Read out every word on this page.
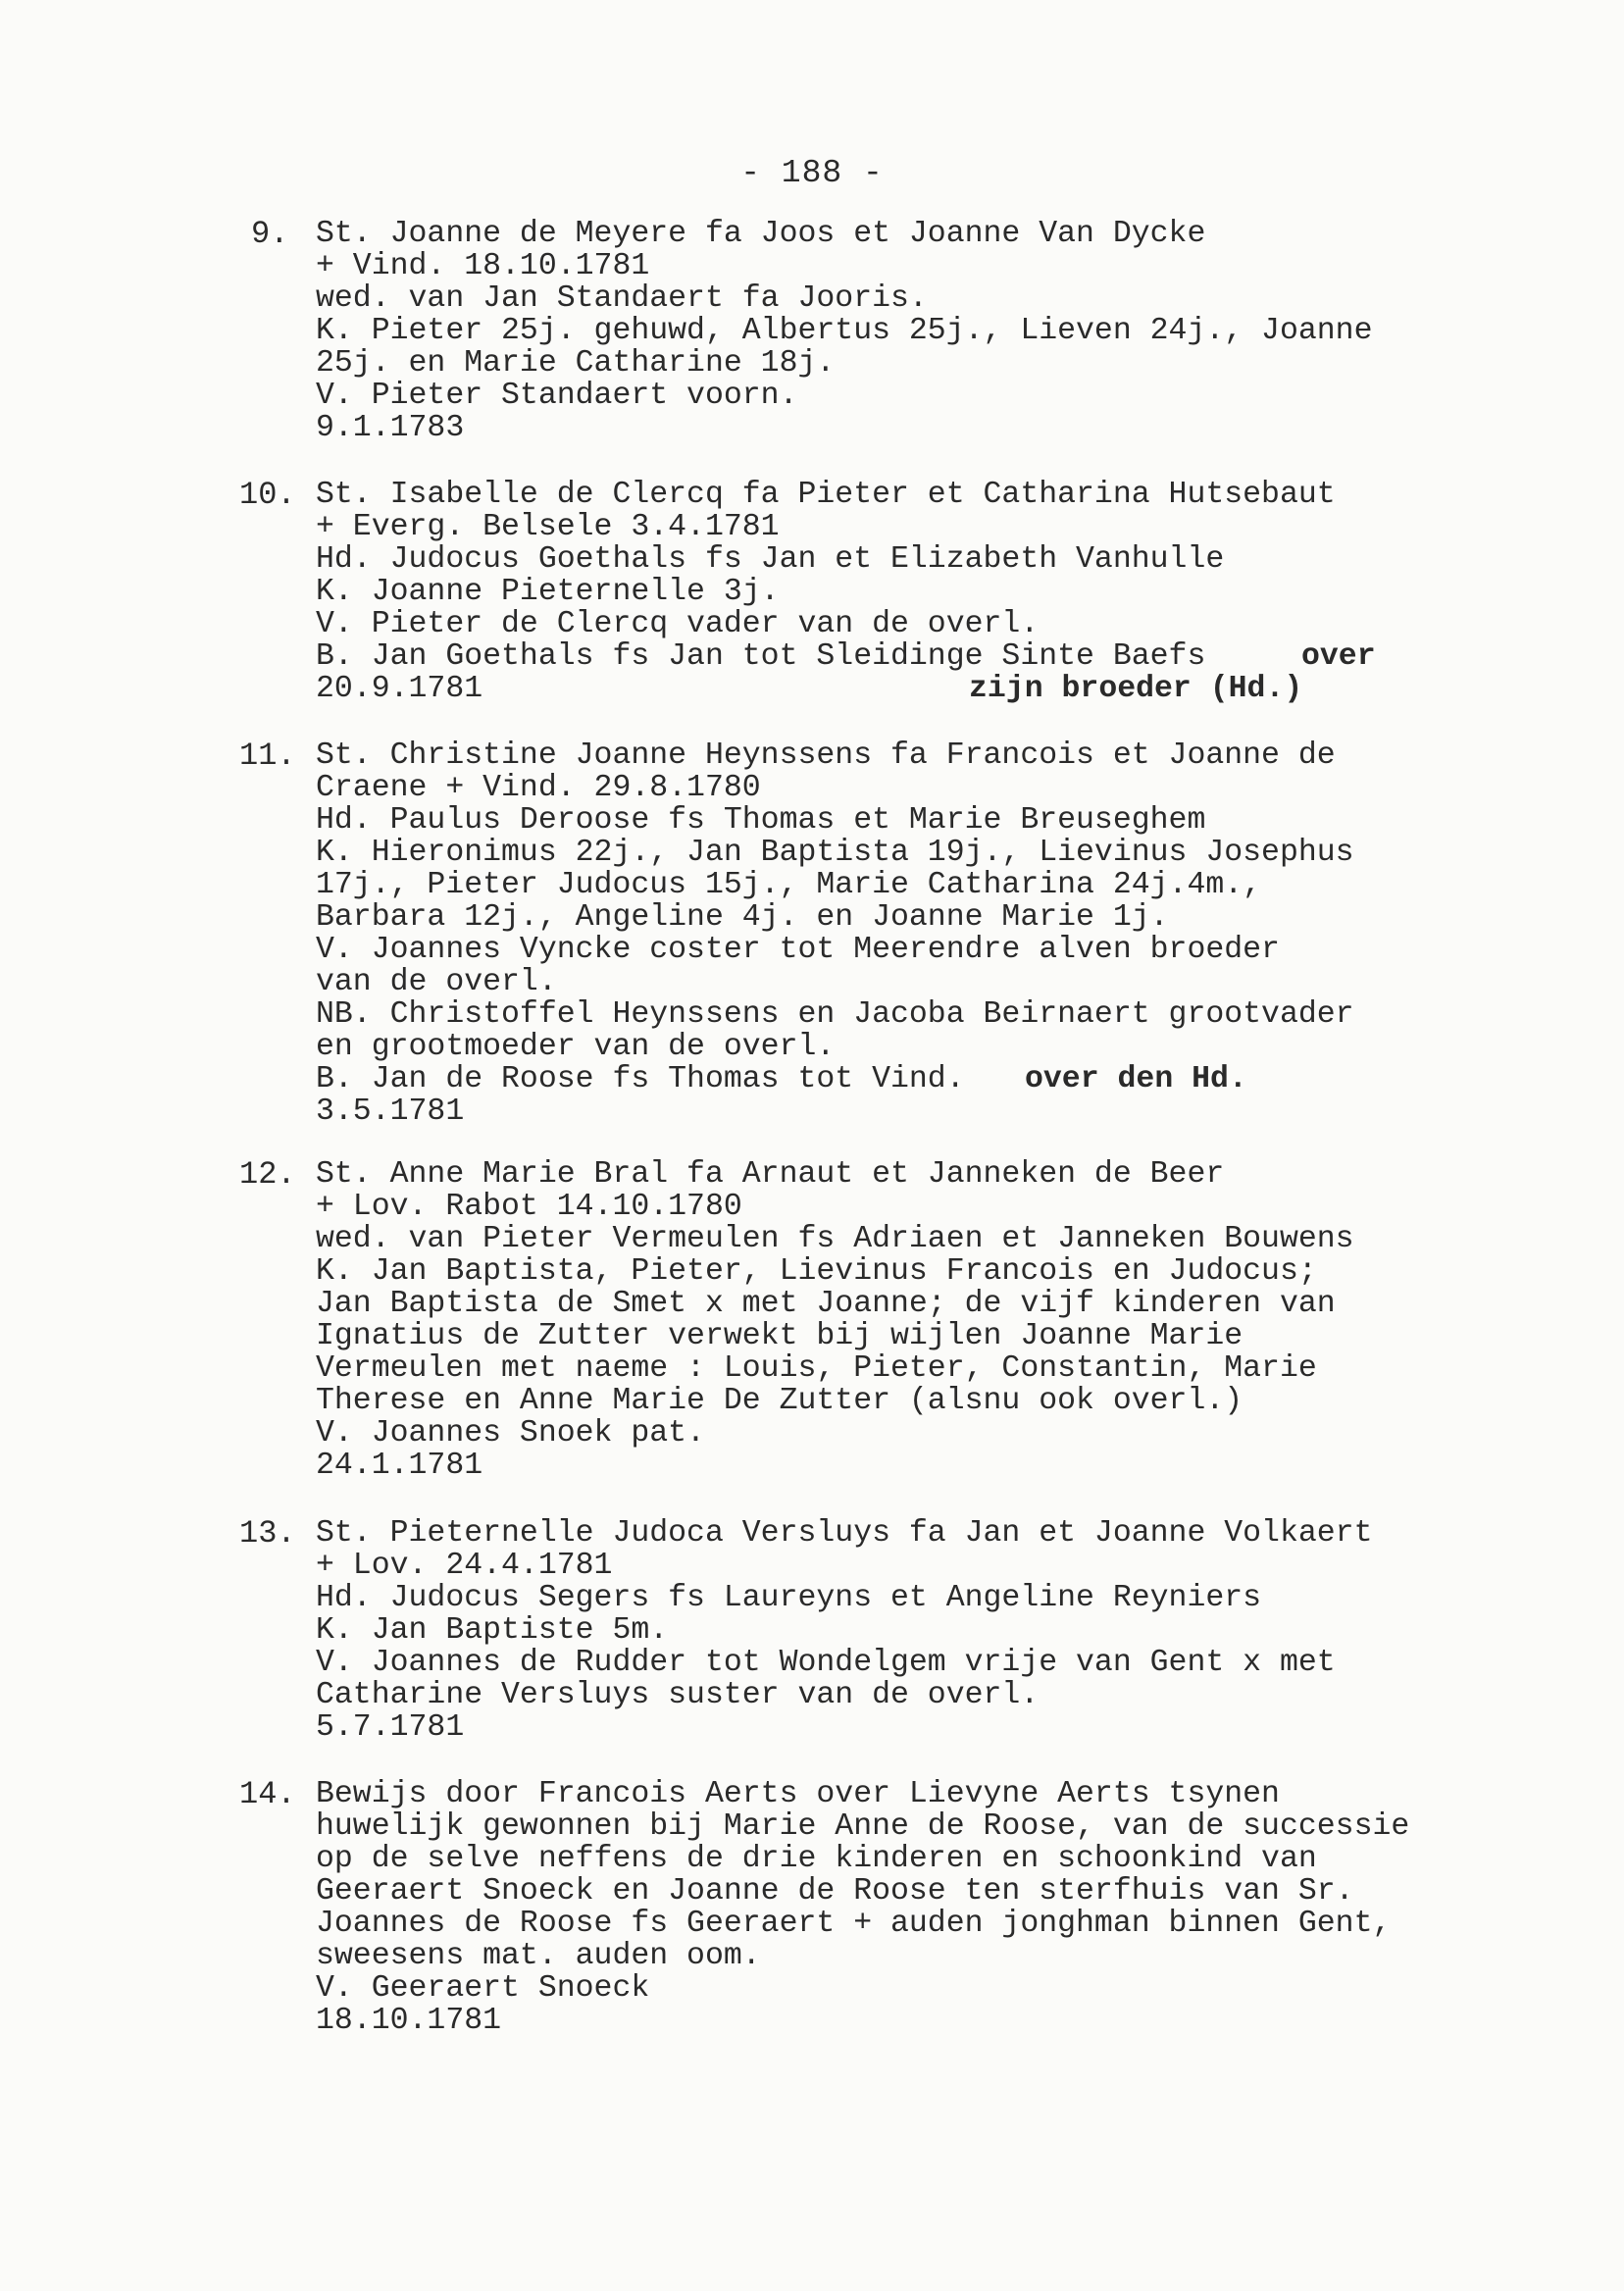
- 188 -
9. St. Joanne de Meyere fa Joos et Joanne Van Dycke
+ Vind. 18.10.1781
wed. van Jan Standaert fa Jooris.
K. Pieter 25j. gehuwd, Albertus 25j., Lieven 24j., Joanne
25j. en Marie Catharine 18j.
V. Pieter Standaert voorn.
9.1.1783
10. St. Isabelle de Clercq fa Pieter et Catharina Hutsebaut
+ Everg. Belsele 3.4.1781
Hd. Judocus Goethals fs Jan et Elizabeth Vanhulle
K. Joanne Pieternelle 3j.
V. Pieter de Clercq vader van de overl.
B. Jan Goethals fs Jan tot Sleidinge Sinte Baefs	over
20.9.1781	zijn broeder (Hd.)
11. St. Christine Joanne Heynssens fa Francois et Joanne de
Craene + Vind. 29.8.1780
Hd. Paulus Deroose fs Thomas et Marie Breuseghem
K. Hieronimus 22j., Jan Baptista 19j., Lievinus Josephus
17j., Pieter Judocus 15j., Marie Catharina 24j.4m.,
Barbara 12j., Angeline 4j. en Joanne Marie 1j.
V. Joannes Vyncke coster tot Meerendre alven broeder
van de overl.
NB. Christoffel Heynssens en Jacoba Beirnaert grootvader
en grootmoeder van de overl.
B. Jan de Roose fs Thomas tot Vind. over den Hd.
3.5.1781
12. St. Anne Marie Bral fa Arnaut et Janneken de Beer
+ Lov. Rabot 14.10.1780
wed. van Pieter Vermeulen fs Adriaen et Janneken Bouwens
K. Jan Baptista, Pieter, Lievinus Francois en Judocus;
Jan Baptista de Smet x met Joanne; de vijf kinderen van
Ignatius de Zutter verwekt bij wijlen Joanne Marie
Vermeulen met naeme : Louis, Pieter, Constantin, Marie
Therese en Anne Marie De Zutter (alsnu ook overl.)
V. Joannes Snoek pat.
24.1.1781
13. St. Pieternelle Judoca Versluys fa Jan et Joanne Volkaert
+ Lov. 24.4.1781
Hd. Judocus Segers fs Laureyns et Angeline Reyniers
K. Jan Baptiste 5m.
V. Joannes de Rudder tot Wondelgem vrije van Gent x met
Catharine Versluys suster van de overl.
5.7.1781
14. Bewijs door Francois Aerts over Lievyne Aerts tsynen
huwelijk gewonnen bij Marie Anne de Roose, van de successie
op de selve neffens de drie kinderen en schoonkind van
Geeraert Snoeck en Joanne de Roose ten sterfhuis van Sr.
Joannes de Roose fs Geeraert + auden jonghman binnen Gent,
sweesens mat. auden oom.
V. Geeraert Snoeck
18.10.1781
